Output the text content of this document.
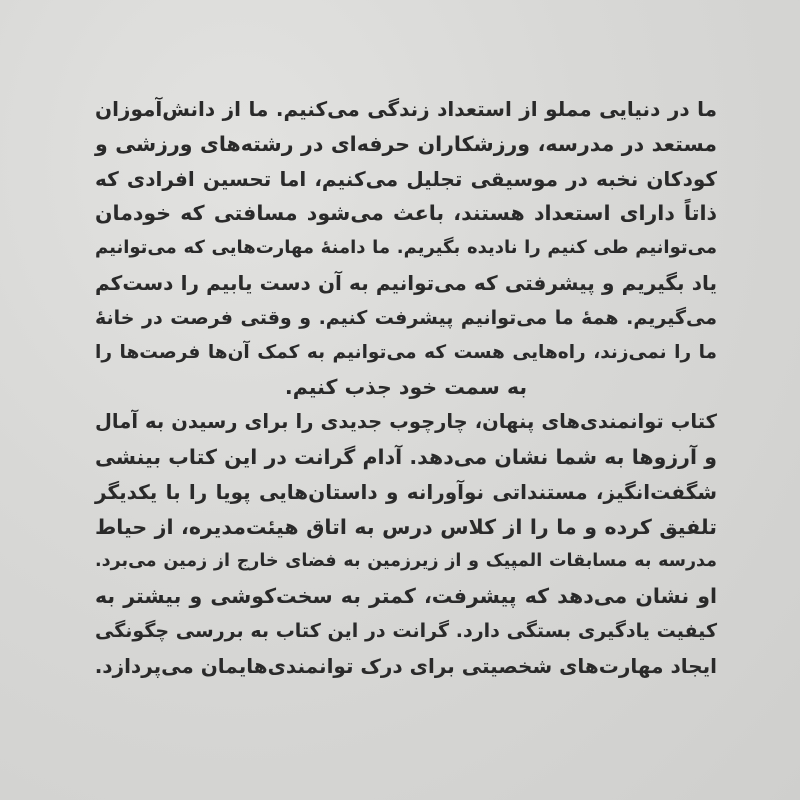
ما در دنیایی مملو از استعداد زندگی می‌کنیم. ما از دانش‌آموزان
مستعد در مدرسه، ورزشکاران حرفه‌ای در رشته‌های ورزشی و
کودکان نخبه در موسیقی تجلیل می‌کنیم، اما تحسین افرادی که
ذاتاً دارای استعداد هستند، باعث می‌شود مسافتی که خودمان
می‌توانیم طی کنیم را نادیده بگیریم. ما دامنهٔ مهارت‌هایی که می‌توانیم
یاد بگیریم و پیشرفتی که می‌توانیم به آن دست یابیم را دست‌کم
می‌گیریم. همهٔ ما می‌توانیم پیشرفت کنیم. و وقتی فرصت در خانهٔ
ما را نمی‌زند، راه‌هایی هست که می‌توانیم به کمک آن‌ها فرصت‌ها را
به سمت خود جذب کنیم.
کتاب توانمندی‌های پنهان، چارچوب جدیدی را برای رسیدن به آمال
و آرزوها به شما نشان می‌دهد. آدام گرانت در این کتاب بینشی
شگفت‌انگیز، مستنداتی نوآورانه و داستان‌هایی پویا را با یکدیگر
تلفیق کرده و ما را از کلاس درس به اتاق هیئت‌مدیره، از حیاط
مدرسه به مسابقات المپیک و از زیرزمین به فضای خارج از زمین می‌برد.
او نشان می‌دهد که پیشرفت، کمتر به سخت‌کوشی و بیشتر به
کیفیت یادگیری بستگی دارد. گرانت در این کتاب به بررسی چگونگی
ایجاد مهارت‌های شخصیتی برای درک توانمندی‌هایمان می‌پردازد.
